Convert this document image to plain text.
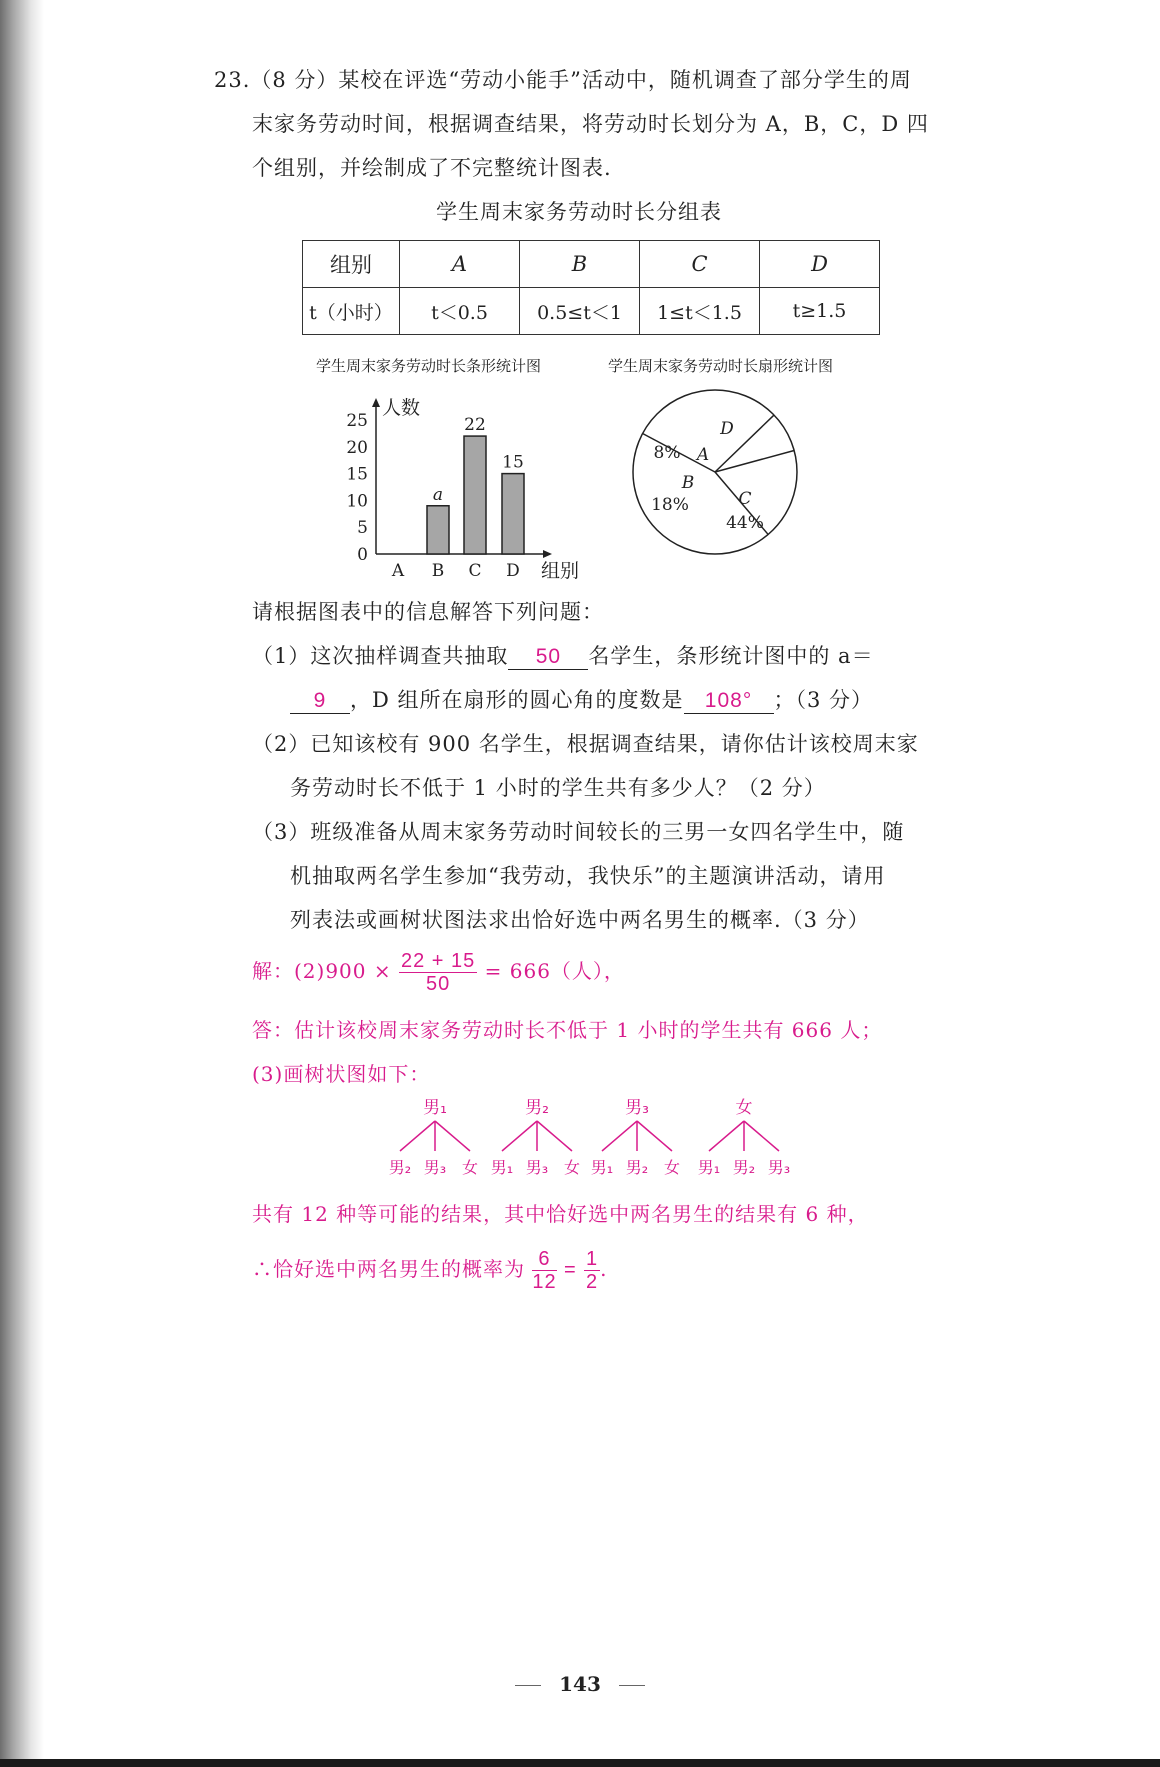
23.（8 分）某校在评选“劳动小能手”活动中，随机调查了部分学生的周
末家务劳动时间，根据调查结果，将劳动时长划分为 A，B，C，D 四
个组别，并绘制成了不完整统计图表.
学生周末家务劳动时长分组表
组别	A	B	C	D
t（小时）	t＜0.5	0.5≤t＜1	1≤t＜1.5	t≥1.5
学生周末家务劳动时长条形统计图	学生周末家务劳动时长扇形统计图
人数
组别
0
5
10
15
20
25
A B
a
C
22
D
15
D
A
8%
B
18%	C
44%
请根据图表中的信息解答下列问题：
（1）这次抽样调查共抽取 50 名学生，条形统计图中的 a＝
9 ，D 组所在扇形的圆心角的度数是 108° ；（3 分）
（2）已知该校有 900 名学生，根据调查结果，请你估计该校周末家
务劳动时长不低于 1 小时的学生共有多少人？（2 分）
（3）班级准备从周末家务劳动时间较长的三男一女四名学生中，随
机抽取两名学生参加“我劳动，我快乐”的主题演讲活动，请用
列表法或画树状图法求出恰好选中两名男生的概率.（3 分）
解：$(2)900 \times \frac{22 + 15}{50} = 666$（人），
答：估计该校周末家务劳动时长不低于 1 小时的学生共有 666 人；
(3)画树状图如下：
男₁
男₂ 男₃ 女
男₂
男₁ 男₃ 女
男₃
男₁ 男₂ 女
女
男₁ 男₂ 男₃
共有 12 种等可能的结果，其中恰好选中两名男生的结果有 6 种，
∴恰好选中两名男生的概率为 $\frac{6}{12} = \frac{1}{2}$ .
143
